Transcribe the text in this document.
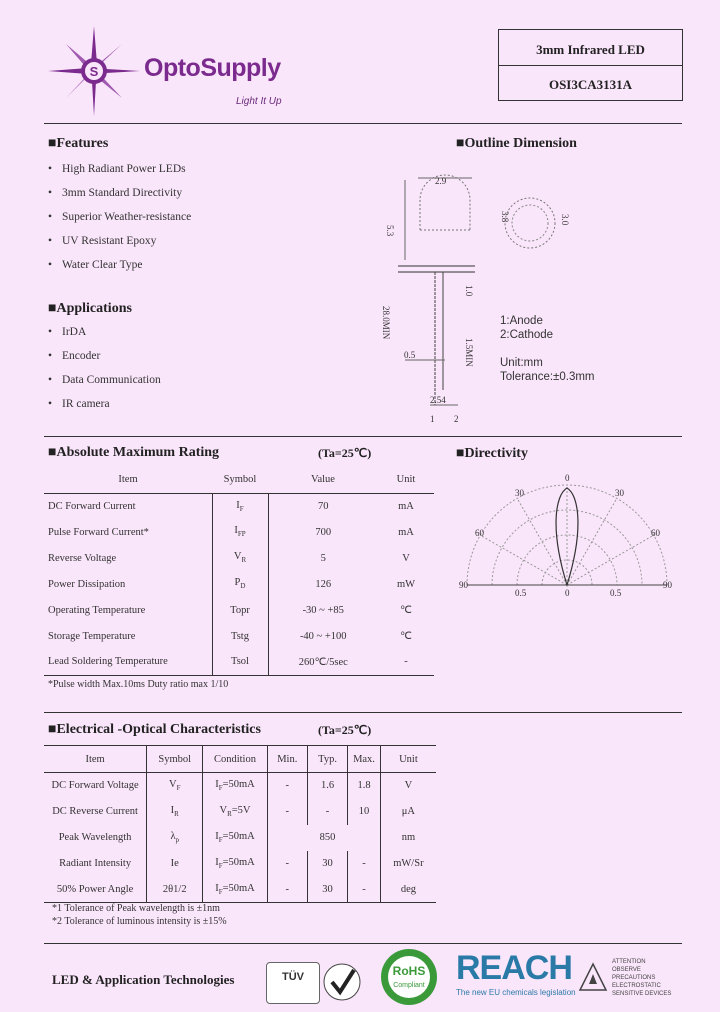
S OptoSupply
Light It Up
3mm Infrared LED
OSI3CA3131A
■Features
• High Radiant Power LEDs
• 3mm Standard Directivity
• Superior Weather-resistance
• UV Resistant Epoxy
• Water Clear Type
■Applications
• IrDA
• Encoder
• Data Communication
• IR camera
■Outline Dimension
2.9
5.3
1.0
28.0MIN
0.5	1.5MIN
2.54
1 2
3.8	3.0
1:Anode
2:Cathode
Unit:mm
Tolerance:±0.3mm
■Absolute Maximum Rating	(Ta=25℃)
Item	Symbol	Value	Unit
DC Forward Current	$I_F$	70	mA
Pulse Forward Current*	$I_{FP}$	700	mA
Reverse Voltage	$V_R$	5	V
Power Dissipation	$P_D$	126	mW
Operating Temperature	Topr	-30 ~ +85	℃
Storage Temperature	Tstg	-40 ~ +100	℃
Lead Soldering Temperature	Tsol	260℃/5sec	-
*Pulse width Max.10ms Duty ratio max 1/10
■Directivity
0
30	30
60	60
90	90
0.5	0	0.5
■Electrical -Optical Characteristics	(Ta=25℃)
Item	Symbol	Condition	Min.	Typ.	Max.	Unit
DC Forward Voltage	$V_F$	$I_F=50mA$	-	1.6	1.8	V
DC Reverse Current	$I_R$	$V_R=5V$	-	-	10	μA
Peak Wavelength	$\lambda_p$	$I_F=50mA$		850		nm
Radiant Intensity	Ie	$I_F=50mA$	-	30	-	mW/Sr
50% Power Angle	2θ1/2	$I_F=50mA$	-	30	-	deg
*1 Tolerance of Peak wavelength is ±1nm
*2 Tolerance of luminous intensity is ±15%
LED & Application Technologies	TÜV	RoHS
Compliant REACH
The new EU chemicals legislation
ATTENTION
OBSERVE PRECAUTIONS ELECTROSTATIC SENSITIVE DEVICES
